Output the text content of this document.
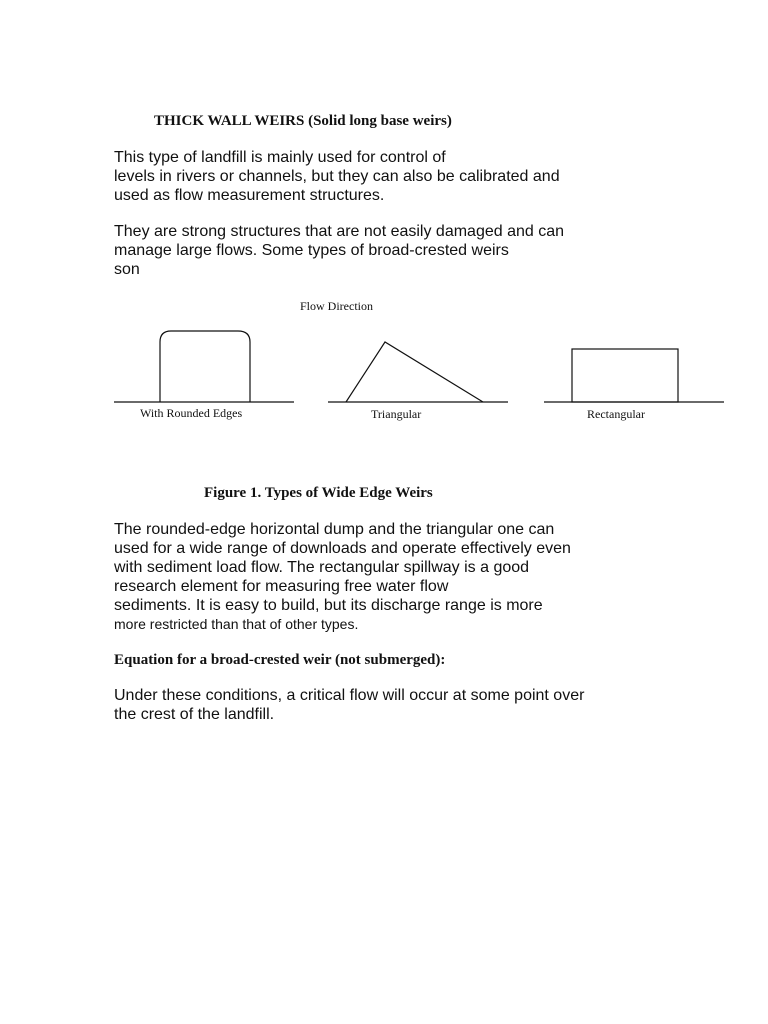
THICK WALL WEIRS (Solid long base weirs)
This type of landfill is mainly used for control of
levels in rivers or channels, but they can also be calibrated and
used as flow measurement structures.
They are strong structures that are not easily damaged and can
manage large flows. Some types of broad-crested weirs
son
Flow Direction
With Rounded Edges	Triangular	Rectangular
Figure 1. Types of Wide Edge Weirs
The rounded-edge horizontal dump and the triangular one can
used for a wide range of downloads and operate effectively even
with sediment load flow. The rectangular spillway is a good
research element for measuring free water flow
sediments. It is easy to build, but its discharge range is more
more restricted than that of other types.
Equation for a broad-crested weir (not submerged):
Under these conditions, a critical flow will occur at some point over
the crest of the landfill.
